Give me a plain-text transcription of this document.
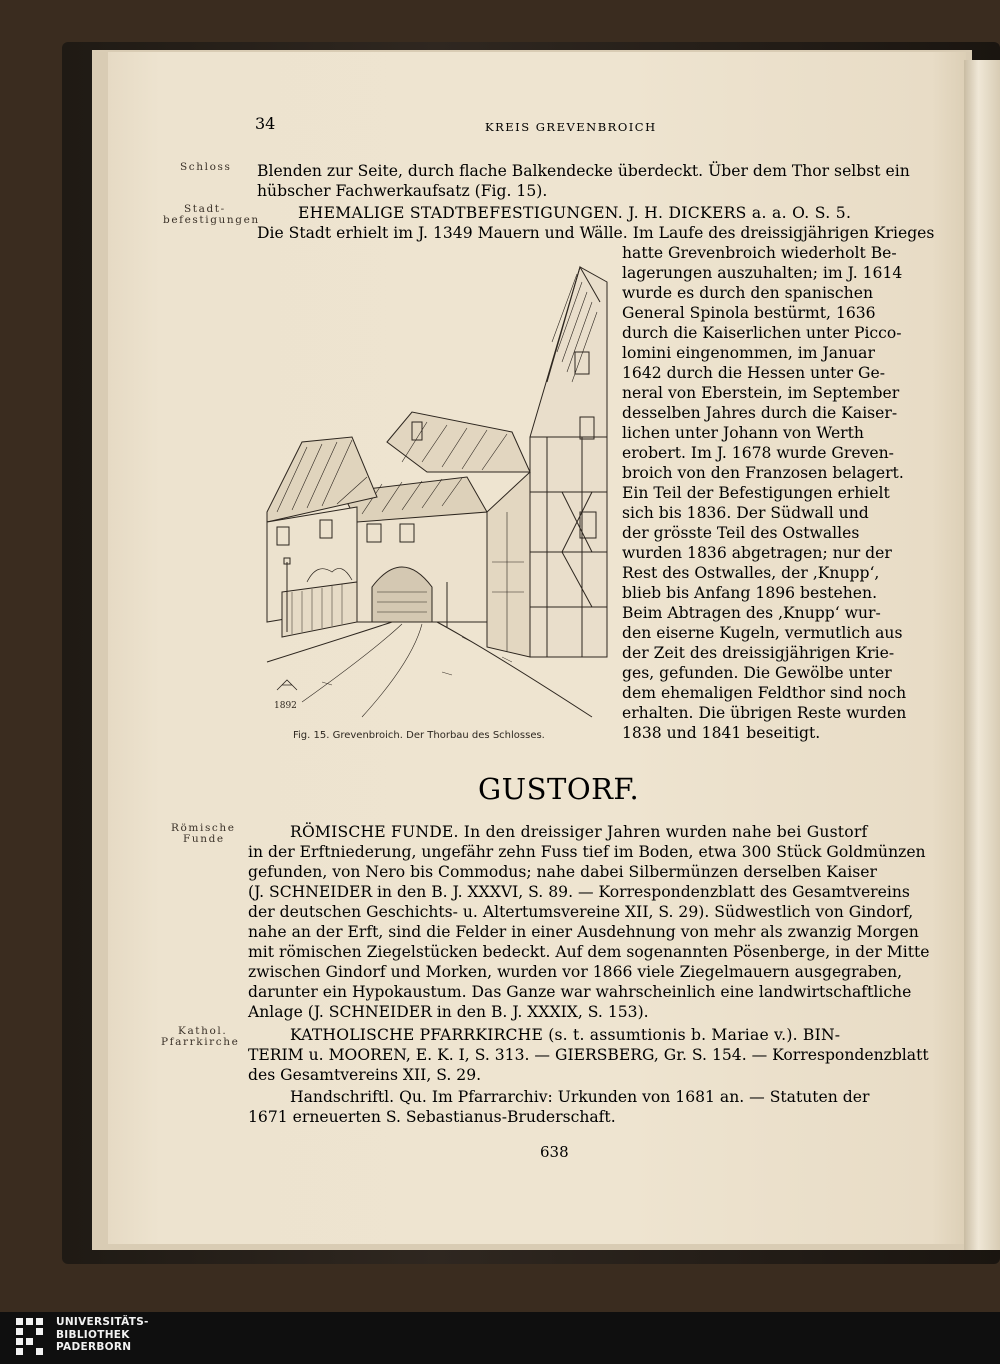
34	KREIS GREVENBROICH
Schloss
Stadt-
befestigungen
Römische
Funde
Kathol.
Pfarrkirche
Blenden zur Seite, durch flache Balkendecke überdeckt. Über dem Thor selbst ein
hübscher Fachwerkaufsatz (Fig. 15).
EHEMALIGE STADTBEFESTIGUNGEN. J. H. DICKERS a. a. O. S. 5.
Die Stadt erhielt im J. 1349 Mauern und Wälle. Im Laufe des dreissigjährigen Krieges
hatte Grevenbroich wiederholt Be-
lagerungen auszuhalten; im J. 1614
wurde es durch den spanischen
General Spinola bestürmt, 1636
durch die Kaiserlichen unter Picco-
lomini eingenommen, im Januar
1642 durch die Hessen unter Ge-
neral von Eberstein, im September
desselben Jahres durch die Kaiser-
lichen unter Johann von Werth
erobert. Im J. 1678 wurde Greven-
broich von den Franzosen belagert.
Ein Teil der Befestigungen erhielt
sich bis 1836. Der Südwall und
der grösste Teil des Ostwalles
wurden 1836 abgetragen; nur der
Rest des Ostwalles, der ‚Knupp‘,
blieb bis Anfang 1896 bestehen.
Beim Abtragen des ‚Knupp‘ wur-
den eiserne Kugeln, vermutlich aus
der Zeit des dreissigjährigen Krie-
ges, gefunden. Die Gewölbe unter
dem ehemaligen Feldthor sind noch
erhalten. Die übrigen Reste wurden
1838 und 1841 beseitigt.
1892
Fig. 15. Grevenbroich. Der Thorbau des Schlosses.
GUSTORF.
RÖMISCHE FUNDE. In den dreissiger Jahren wurden nahe bei Gustorf
in der Erftniederung, ungefähr zehn Fuss tief im Boden, etwa 300 Stück Goldmünzen
gefunden, von Nero bis Commodus; nahe dabei Silbermünzen derselben Kaiser
(J. SCHNEIDER in den B. J. XXXVI, S. 89. — Korrespondenzblatt des Gesamtvereins
der deutschen Geschichts- u. Altertumsvereine XII, S. 29). Südwestlich von Gindorf,
nahe an der Erft, sind die Felder in einer Ausdehnung von mehr als zwanzig Morgen
mit römischen Ziegelstücken bedeckt. Auf dem sogenannten Pösenberge, in der Mitte
zwischen Gindorf und Morken, wurden vor 1866 viele Ziegelmauern ausgegraben,
darunter ein Hypokaustum. Das Ganze war wahrscheinlich eine landwirtschaftliche
Anlage (J. SCHNEIDER in den B. J. XXXIX, S. 153).
KATHOLISCHE PFARRKIRCHE (s. t. assumtionis b. Mariae v.). BIN-
TERIM u. MOOREN, E. K. I, S. 313. — GIERSBERG, Gr. S. 154. — Korrespondenzblatt
des Gesamtvereins XII, S. 29.
Handschriftl. Qu. Im Pfarrarchiv: Urkunden von 1681 an. — Statuten der
1671 erneuerten S. Sebastianus-Bruderschaft.
638
UNIVERSITÄTS-
BIBLIOTHEK
PADERBORN
